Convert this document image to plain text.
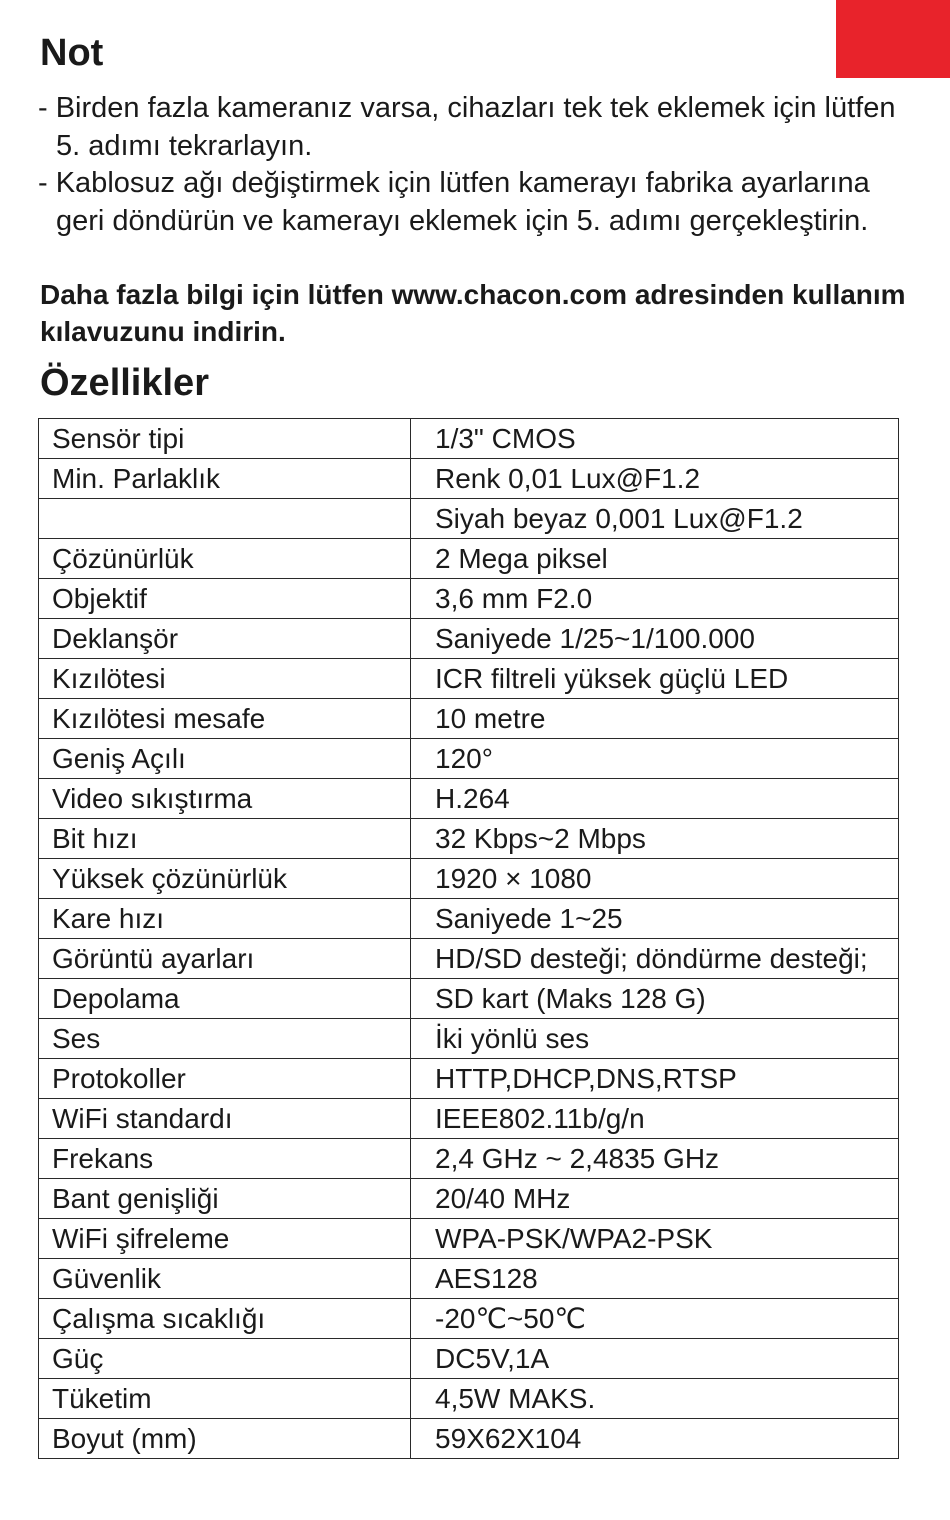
Not
- Birden fazla kameranız varsa, cihazları tek tek eklemek için lütfen 5. adımı tekrarlayın.
- Kablosuz ağı değiştirmek için lütfen kamerayı fabrika ayarlarına geri döndürün ve kamerayı eklemek için 5. adımı gerçekleştirin.

Daha fazla bilgi için lütfen www.chacon.com adresinden kullanım kılavuzunu indirin.

Özellikler
Sensör tipi	1/3" CMOS
Min. Parlaklık	Renk 0,01 Lux@F1.2
	Siyah beyaz 0,001 Lux@F1.2
Çözünürlük	2 Mega piksel
Objektif	3,6 mm F2.0
Deklanşör	Saniyede 1/25~1/100.000
Kızılötesi	ICR filtreli yüksek güçlü LED
Kızılötesi mesafe	10 metre
Geniş Açılı	120°
Video sıkıştırma	H.264
Bit hızı	32 Kbps~2 Mbps
Yüksek çözünürlük	1920 × 1080
Kare hızı	Saniyede 1~25
Görüntü ayarları	HD/SD desteği; döndürme desteği;
Depolama	SD kart (Maks 128 G)
Ses	İki yönlü ses
Protokoller	HTTP,DHCP,DNS,RTSP
WiFi standardı	IEEE802.11b/g/n
Frekans	2,4 GHz ~ 2,4835 GHz
Bant genişliği	20/40 MHz
WiFi şifreleme	WPA-PSK/WPA2-PSK
Güvenlik	AES128
Çalışma sıcaklığı	-20℃~50℃
Güç	DC5V,1A
Tüketim	4,5W MAKS.
Boyut (mm)	59X62X104
